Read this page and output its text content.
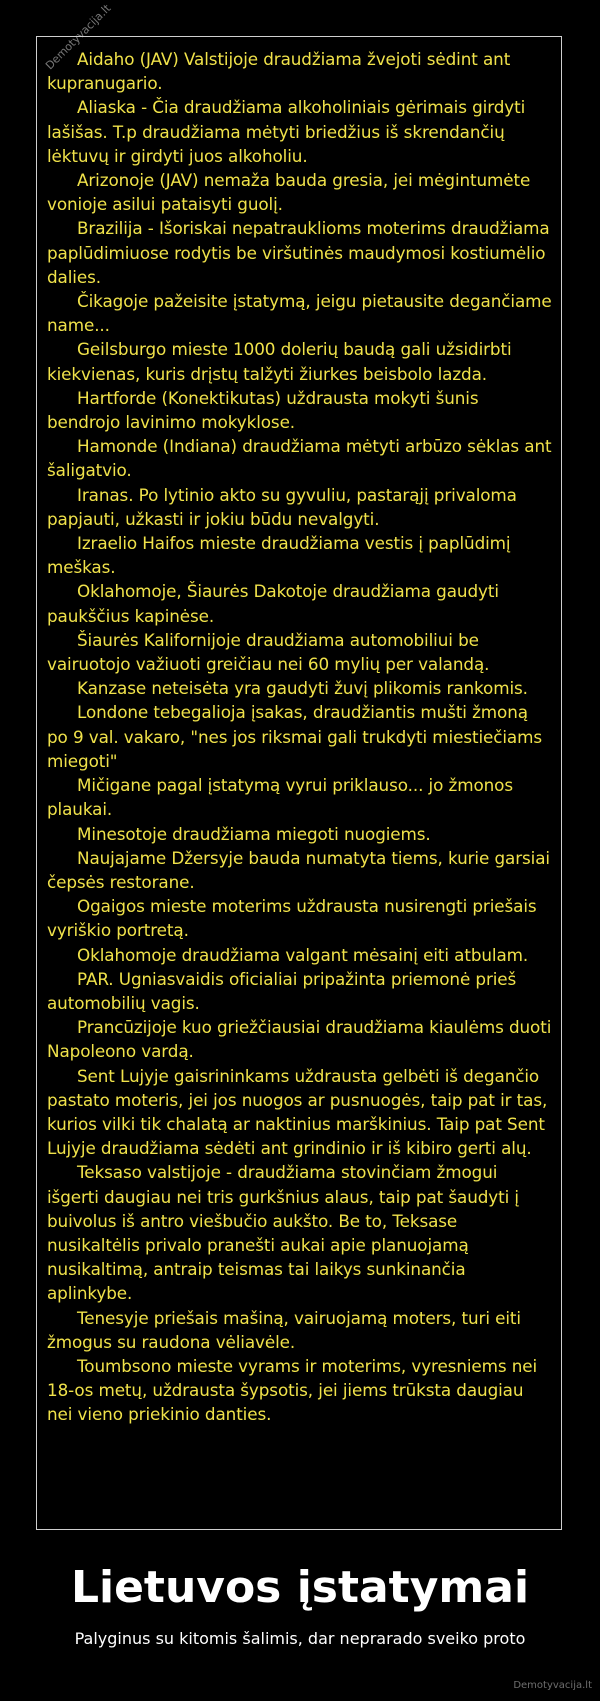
Demotyvacija.lt
Aidaho (JAV) Valstijoje draudžiama žvejoti sėdint ant kupranugario.
Aliaska - Čia draudžiama alkoholiniais gėrimais girdyti lašišas. T.p draudžiama mėtyti briedžius iš skrendančių lėktuvų ir girdyti juos alkoholiu.
Arizonoje (JAV) nemaža bauda gresia, jei mėgintumėte vonioje asilui pataisyti guolį.
Brazilija - Išoriskai nepatrauklioms moterims draudžiama paplūdimiuose rodytis be viršutinės maudymosi kostiumėlio dalies.
Čikagoje pažeisite įstatymą, jeigu pietausite degančiame name...
Geilsburgo mieste 1000 dolerių baudą gali užsidirbti kiekvienas, kuris drįstų talžyti žiurkes beisbolo lazda.
Hartforde (Konektikutas) uždrausta mokyti šunis bendrojo lavinimo mokyklose.
Hamonde (Indiana) draudžiama mėtyti arbūzo sėklas ant šaligatvio.
Iranas. Po lytinio akto su gyvuliu, pastarąjį privaloma papjauti, užkasti ir jokiu būdu nevalgyti.
Izraelio Haifos mieste draudžiama vestis į paplūdimį meškas.
Oklahomoje, Šiaurės Dakotoje draudžiama gaudyti paukščius kapinėse.
Šiaurės Kalifornijoje draudžiama automobiliui be vairuotojo važiuoti greičiau nei 60 mylių per valandą.
Kanzase neteisėta yra gaudyti žuvį plikomis rankomis.
Londone tebegalioja įsakas, draudžiantis mušti žmoną po 9 val. vakaro, "nes jos riksmai gali trukdyti miestiečiams miegoti"
Mičigane pagal įstatymą vyrui priklauso... jo žmonos plaukai.
Minesotoje draudžiama miegoti nuogiems.
Naujajame Džersyje bauda numatyta tiems, kurie garsiai čepsės restorane.
Ogaigos mieste moterims uždrausta nusirengti priešais vyriškio portretą.
Oklahomoje draudžiama valgant mėsainį eiti atbulam.
PAR. Ugniasvaidis oficialiai pripažinta priemonė prieš automobilių vagis.
Prancūzijoje kuo griežčiausiai draudžiama kiaulėms duoti Napoleono vardą.
Sent Lujyje gaisrininkams uždrausta gelbėti iš degančio pastato moteris, jei jos nuogos ar pusnuogės, taip pat ir tas, kurios vilki tik chalatą ar naktinius marškinius. Taip pat Sent Lujyje draudžiama sėdėti ant grindinio ir iš kibiro gerti alų.
Teksaso valstijoje - draudžiama stovinčiam žmogui išgerti daugiau nei tris gurkšnius alaus, taip pat šaudyti į buivolus iš antro viešbučio aukšto. Be to, Teksase nusikaltėlis privalo pranešti aukai apie planuojamą nusikaltimą, antraip teismas tai laikys sunkinančia aplinkybe.
Tenesyje priešais mašiną, vairuojamą moters, turi eiti žmogus su raudona vėliavėle.
Toumbsono mieste vyrams ir moterims, vyresniems nei 18-os metų, uždrausta šypsotis, jei jiems trūksta daugiau nei vieno priekinio danties.
Lietuvos įstatymai

Palyginus su kitomis šalimis, dar neprarado sveiko proto

Demotyvacija.lt
